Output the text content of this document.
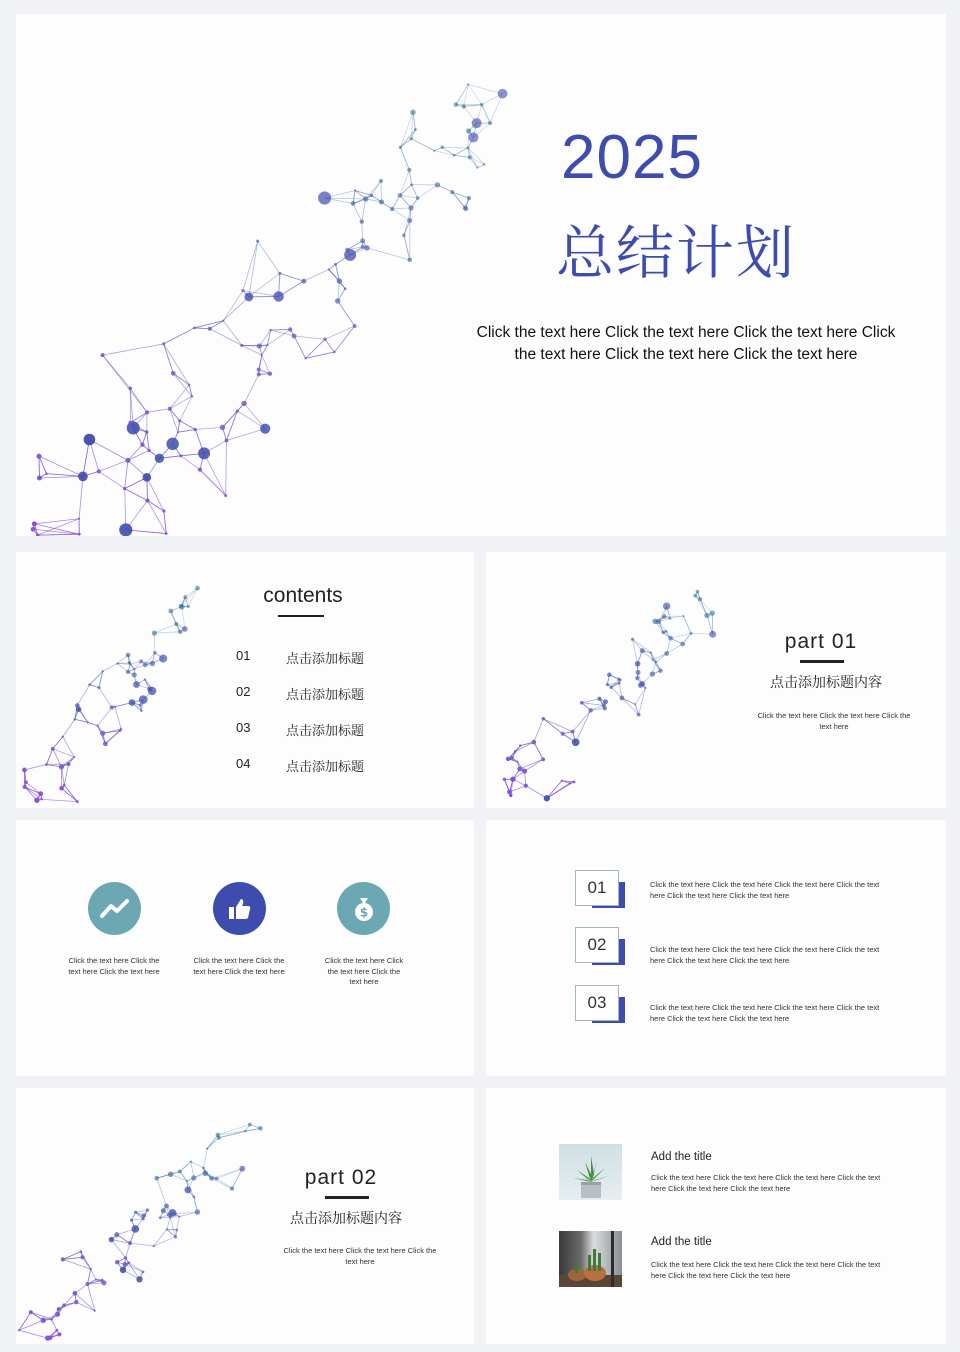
2025
总结计划
Click the text here Click the text here Click the text here Click the text here Click the text here Click the text here
contents
01	点击添加标题
02	点击添加标题
03	点击添加标题
04	点击添加标题
part 01
点击添加标题内容
Click the text here Click the text here Click the text here
Click the text here Click the text here Click the text here
Click the text here Click the text here Click the text here
$
Click the text here Click the text here Click the text here
01	Click the text here Click the text here Click the text here Click the text here Click the text here Click the text here
02	Click the text here Click the text here Click the text here Click the text here Click the text here Click the text here
03	Click the text here Click the text here Click the text here Click the text here Click the text here Click the text here
part 02
点击添加标题内容
Click the text here Click the text here Click the text here
Add the title
Click the text here Click the text here Click the text here Click the text here Click the text here Click the text here
Add the title
Click the text here Click the text here Click the text here Click the text here Click the text here Click the text here
